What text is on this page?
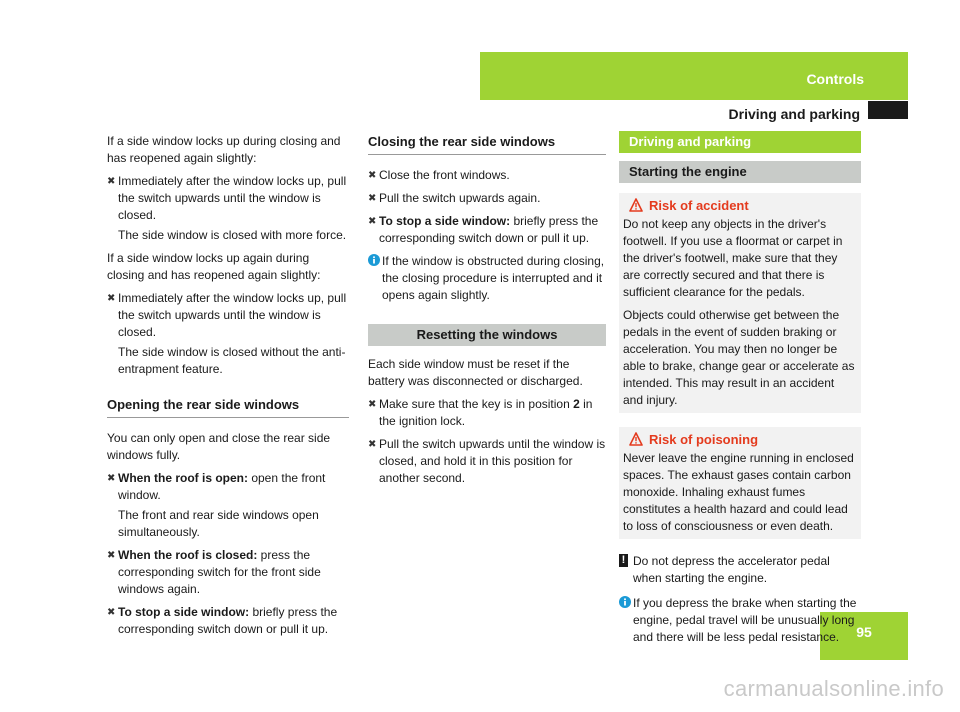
Controls
Driving and parking
95
carmanualsonline.info

If a side window locks up during closing and has reopened again slightly:

✖ Immediately after the window locks up, pull the switch upwards until the window is closed.

The side window is closed with more force.

If a side window locks up again during closing and has reopened again slightly:

✖ Immediately after the window locks up, pull the switch upwards until the window is closed.

The side window is closed without the anti-entrapment feature.

Opening the rear side windows

You can only open and close the rear side windows fully.

✖ When the roof is open: open the front window.

The front and rear side windows open simultaneously.

✖ When the roof is closed: press the corresponding switch for the front side windows again.
✖ To stop a side window: briefly press the corresponding switch down or pull it up.
Closing the rear side windows
✖ Close the front windows.
✖ Pull the switch upwards again.
✖ To stop a side window: briefly press the corresponding switch down or pull it up.
If the window is obstructed during closing, the closing procedure is interrupted and it opens again slightly.
Resetting the windows

Each side window must be reset if the battery was disconnected or discharged.

✖ Make sure that the key is in position 2 in the ignition lock.
✖ Pull the switch upwards until the window is closed, and hold it in this position for another second.
Driving and parking
Starting the engine
Risk of accident

Do not keep any objects in the driver's footwell. If you use a floormat or carpet in the driver's footwell, make sure that they are correctly secured and that there is sufficient clearance for the pedals.

Objects could otherwise get between the pedals in the event of sudden braking or acceleration. You may then no longer be able to brake, change gear or accelerate as intended. This may result in an accident and injury.

Risk of poisoning

Never leave the engine running in enclosed spaces. The exhaust gases contain carbon monoxide. Inhaling exhaust fumes constitutes a health hazard and could lead to loss of consciousness or even death.

! Do not depress the accelerator pedal when starting the engine.
If you depress the brake when starting the engine, pedal travel will be unusually long and there will be less pedal resistance.
